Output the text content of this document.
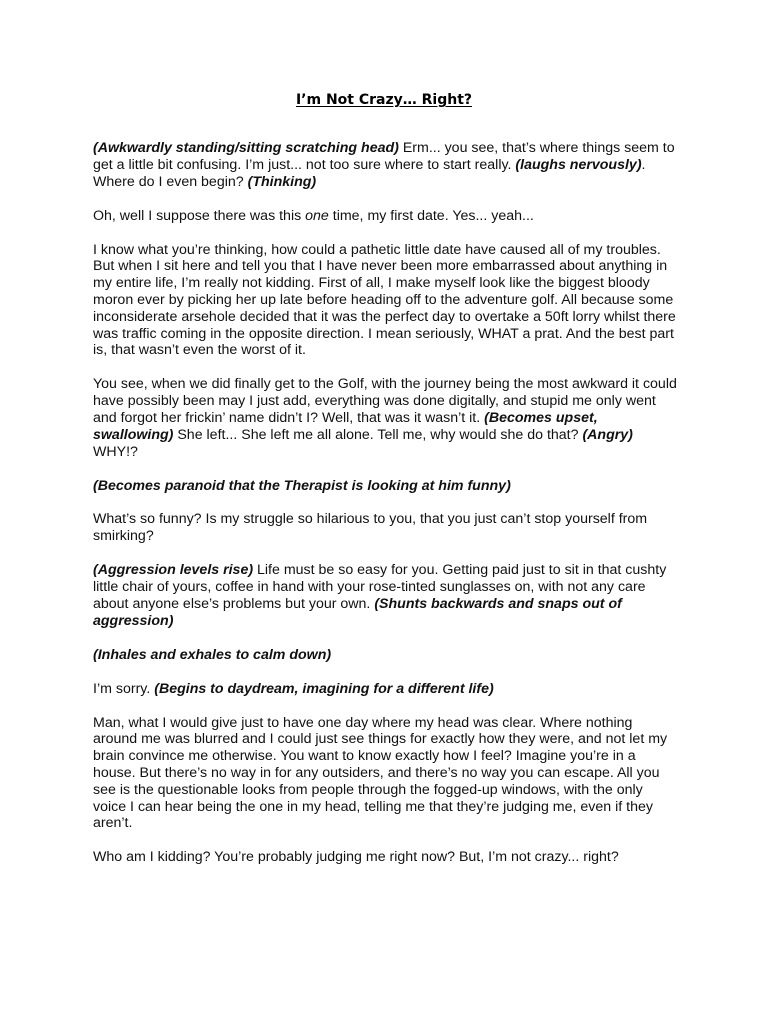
I’m Not Crazy… Right?

(Awkwardly standing/sitting scratching head) Erm... you see, that’s where things seem to get a little bit confusing. I’m just... not too sure where to start really. (laughs nervously). Where do I even begin? (Thinking)

Oh, well I suppose there was this one time, my first date. Yes... yeah...

I know what you’re thinking, how could a pathetic little date have caused all of my troubles. But when I sit here and tell you that I have never been more embarrassed about anything in my entire life, I’m really not kidding. First of all, I make myself look like the biggest bloody moron ever by picking her up late before heading off to the adventure golf. All because some inconsiderate arsehole decided that it was the perfect day to overtake a 50ft lorry whilst there was traffic coming in the opposite direction. I mean seriously, WHAT a prat. And the best part is, that wasn’t even the worst of it.

You see, when we did finally get to the Golf, with the journey being the most awkward it could have possibly been may I just add, everything was done digitally, and stupid me only went and forgot her frickin’ name didn’t I? Well, that was it wasn’t it. (Becomes upset, swallowing) She left... She left me all alone. Tell me, why would she do that? (Angry) WHY!?

(Becomes paranoid that the Therapist is looking at him funny)

What’s so funny? Is my struggle so hilarious to you, that you just can’t stop yourself from smirking?

(Aggression levels rise) Life must be so easy for you. Getting paid just to sit in that cushty little chair of yours, coffee in hand with your rose-tinted sunglasses on, with not any care about anyone else’s problems but your own. (Shunts backwards and snaps out of aggression)

(Inhales and exhales to calm down)

I’m sorry. (Begins to daydream, imagining for a different life)

Man, what I would give just to have one day where my head was clear. Where nothing around me was blurred and I could just see things for exactly how they were, and not let my brain convince me otherwise. You want to know exactly how I feel? Imagine you’re in a house. But there’s no way in for any outsiders, and there’s no way you can escape. All you see is the questionable looks from people through the fogged-up windows, with the only voice I can hear being the one in my head, telling me that they’re judging me, even if they aren’t.

Who am I kidding? You’re probably judging me right now? But, I’m not crazy... right?
